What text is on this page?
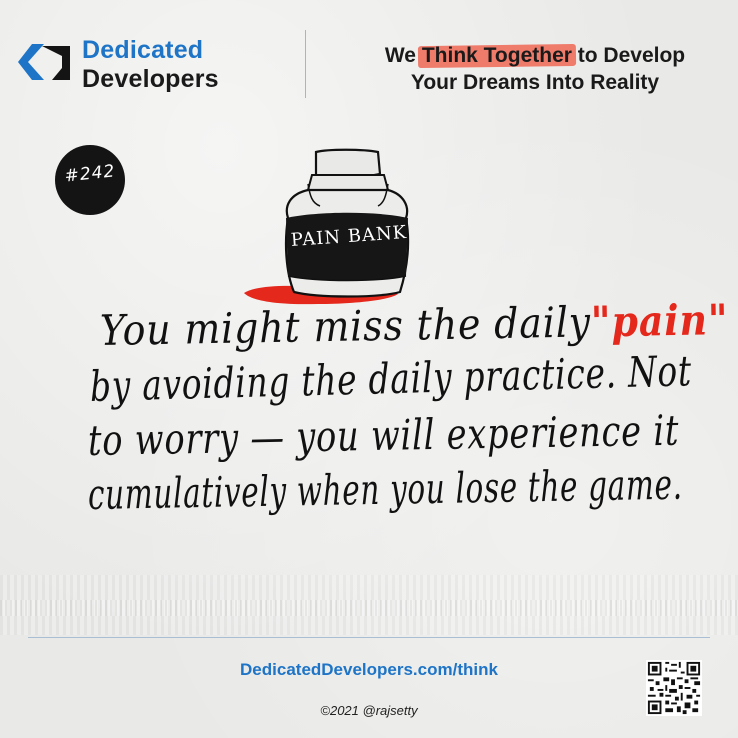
Dedicated
Developers
We Think Together to Develop
Your Dreams Into Reality
#242
PAIN BANK
You might miss the daily"pain"
by avoiding the daily practice. Not
to worry — you will experience it
cumulatively when you lose the game.
DedicatedDevelopers.com/think
©2021 @rajsetty
